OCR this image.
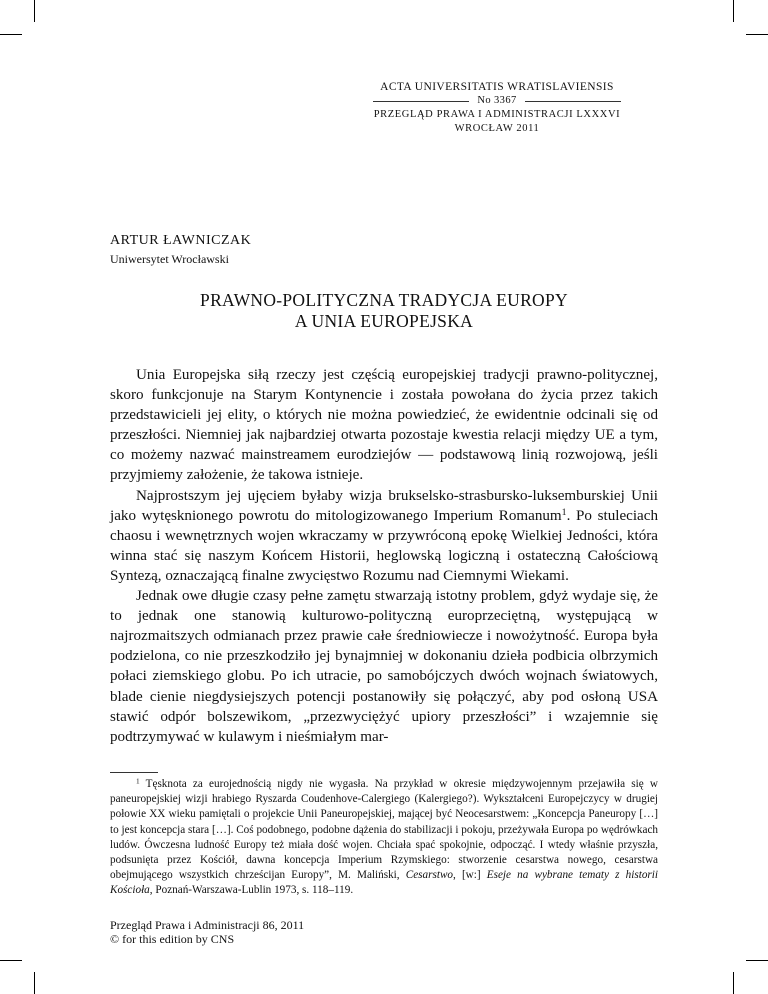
ACTA UNIVERSITATIS WRATISLAVIENSIS
No 3367
PRZEGLĄD PRAWA I ADMINISTRACJI LXXXVI
WROCŁAW 2011
ARTUR ŁAWNICZAK
Uniwersytet Wrocławski
PRAWNO-POLITYCZNA TRADYCJA EUROPY
A UNIA EUROPEJSKA

Unia Europejska siłą rzeczy jest częścią europejskiej tradycji prawno-politycznej, skoro funkcjonuje na Starym Kontynencie i została powołana do życia przez takich przedstawicieli jej elity, o których nie można powiedzieć, że ewidentnie odcinali się od przeszłości. Niemniej jak najbardziej otwarta pozostaje kwestia relacji między UE a tym, co możemy nazwać mainstreamem eurodziejów — podstawową linią rozwojową, jeśli przyjmiemy założenie, że takowa istnieje.

Najprostszym jej ujęciem byłaby wizja brukselsko-strasbursko-luksemburskiej Unii jako wytęsknionego powrotu do mitologizowanego Imperium Romanum$^1$. Po stuleciach chaosu i wewnętrznych wojen wkraczamy w przywróconą epokę Wielkiej Jedności, która winna stać się naszym Końcem Historii, heglowską logiczną i ostateczną Całościową Syntezą, oznaczającą finalne zwycięstwo Rozumu nad Ciemnymi Wiekami.

Jednak owe długie czasy pełne zamętu stwarzają istotny problem, gdyż wydaje się, że to jednak one stanowią kulturowo-polityczną europrzeciętną, występującą w najrozmaitszych odmianach przez prawie całe średniowiecze i nowożytność. Europa była podzielona, co nie przeszkodziło jej bynajmniej w dokonaniu dzieła podbicia olbrzymich połaci ziemskiego globu. Po ich utracie, po samobójczych dwóch wojnach światowych, blade cienie niegdysiejszych potencji postanowiły się połączyć, aby pod osłoną USA stawić odpór bolszewikom, „przezwyciężyć upiory przeszłości” i wzajemnie się podtrzymywać w kulawym i nieśmiałym mar-

$^1$ Tęsknota za eurojednością nigdy nie wygasła. Na przykład w okresie międzywojennym przejawiła się w paneuropejskiej wizji hrabiego Ryszarda Coudenhove-Calergiego (Kalergiego?). Wykształceni Europejczycy w drugiej połowie XX wieku pamiętali o projekcie Unii Paneuropejskiej, mającej być Neocesarstwem: „Koncepcja Paneuropy […] to jest koncepcja stara […]. Coś podobnego, podobne dążenia do stabilizacji i pokoju, przeżywała Europa po wędrówkach ludów. Ówczesna ludność Europy też miała dość wojen. Chciała spać spokojnie, odpocząć. I wtedy właśnie przyszła, podsunięta przez Kościół, dawna koncepcja Imperium Rzymskiego: stworzenie cesarstwa nowego, cesarstwa obejmującego wszystkich chrześcijan Europy”, M. Maliński, Cesarstwo, [w:] Eseje na wybrane tematy z historii Kościoła, Poznań-Warszawa-Lublin 1973, s. 118–119.

Przegląd Prawa i Administracji 86, 2011
© for this edition by CNS
